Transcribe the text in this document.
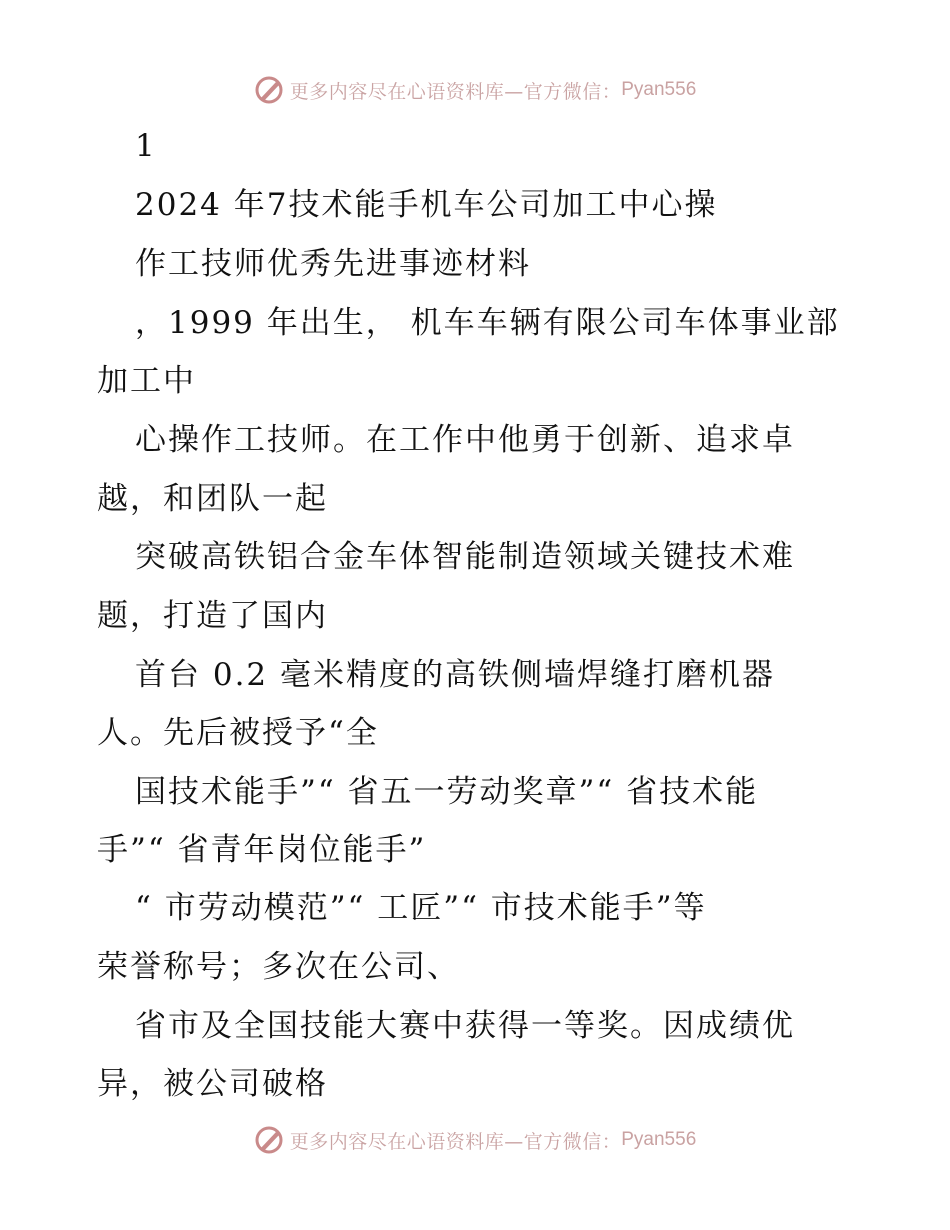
更多内容尽在心语资料库—官方微信： Pyan556
1
2024 年7技术能手机车公司加工中心操
作工技师优秀先进事迹材料
，1999 年出生， 机车车辆有限公司车体事业部
加工中
心操作工技师。在工作中他勇于创新、追求卓
越，和团队一起
突破高铁铝合金车体智能制造领域关键技术难
题，打造了国内
首台 0.2 毫米精度的高铁侧墙焊缝打磨机器
人。先后被授予“全
国技术能手”“ 省五一劳动奖章”“ 省技术能
手”“ 省青年岗位能手”
“ 市劳动模范”“ 工匠”“ 市技术能手”等
荣誉称号；多次在公司、
省市及全国技能大赛中获得一等奖。因成绩优
异，被公司破格
更多内容尽在心语资料库—官方微信： Pyan556
